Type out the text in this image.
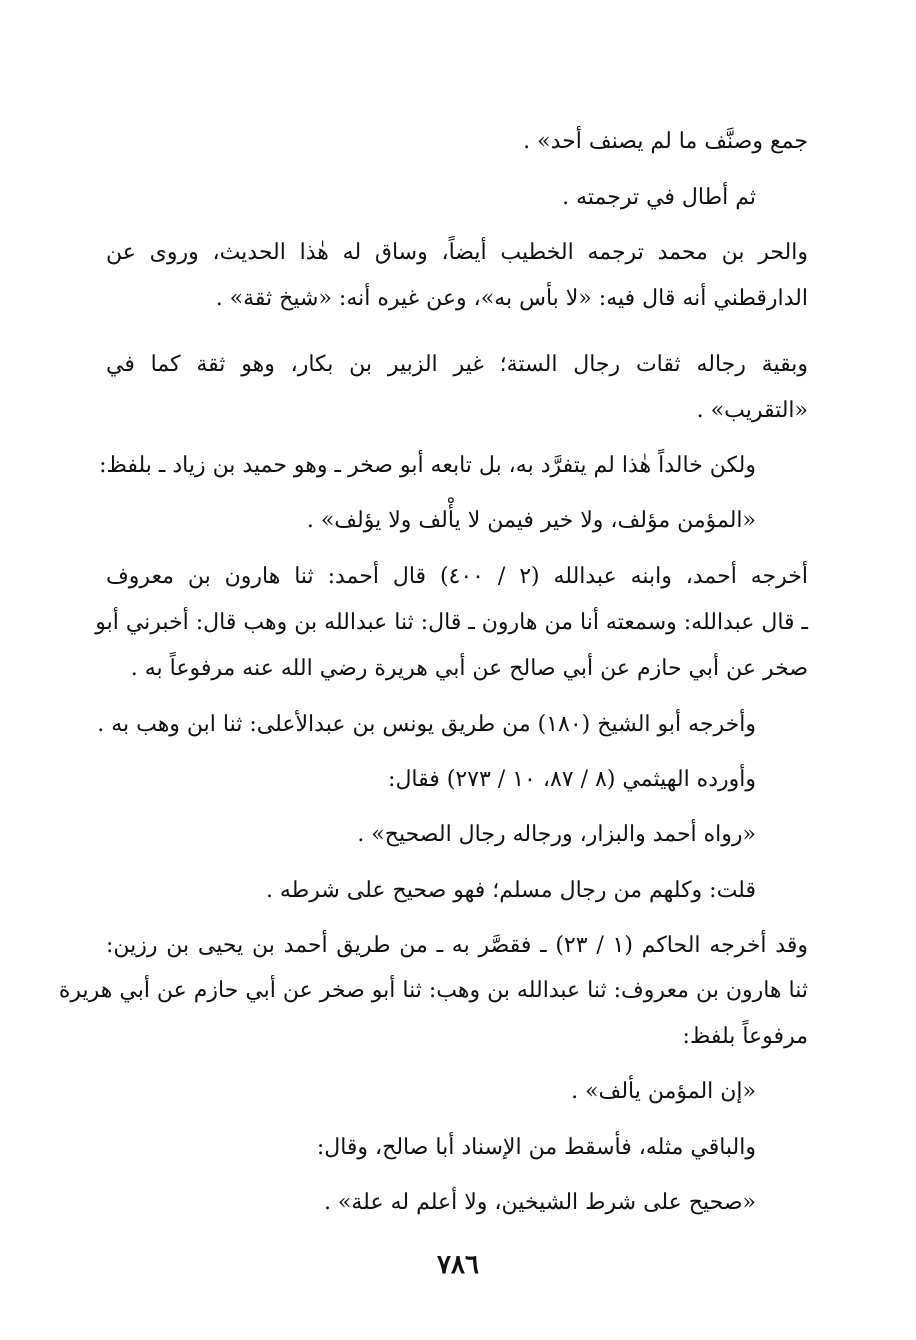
جمع وصنَّف ما لم يصنف أحد» .
ثم أطال في ترجمته .
والحر بن محمد ترجمه الخطيب أيضاً، وساق له هٰذا الحديث، وروى عن
الدارقطني أنه قال فيه: «لا بأس به»، وعن غيره أنه: «شيخ ثقة» .
وبقية رجاله ثقات رجال الستة؛ غير الزبير بن بكار، وهو ثقة كما في
«التقريب» .
ولكن خالداً هٰذا لم يتفرَّد به، بل تابعه أبو صخر ـ وهو حميد بن زياد ـ بلفظ:
«المؤمن مؤلف، ولا خير فيمن لا يأْلف ولا يؤلف» .
أخرجه أحمد، وابنه عبدالله (٢ / ٤٠٠) قال أحمد: ثنا هارون بن معروف
ـ قال عبدالله: وسمعته أنا من هارون ـ قال: ثنا عبدالله بن وهب قال: أخبرني أبو
صخر عن أبي حازم عن أبي صالح عن أبي هريرة رضي الله عنه مرفوعاً به .
وأخرجه أبو الشيخ (١٨٠) من طريق يونس بن عبدالأعلى: ثنا ابن وهب به .
وأورده الهيثمي (٨ / ٨٧، ١٠ / ٢٧٣) فقال:
«رواه أحمد والبزار، ورجاله رجال الصحيح» .
قلت: وكلهم من رجال مسلم؛ فهو صحيح على شرطه .
وقد أخرجه الحاكم (١ / ٢٣) ـ فقصَّر به ـ من طريق أحمد بن يحيى بن رزين:
ثنا هارون بن معروف: ثنا عبدالله بن وهب: ثنا أبو صخر عن أبي حازم عن أبي هريرة
مرفوعاً بلفظ:
«إن المؤمن يألف» .
والباقي مثله، فأسقط من الإسناد أبا صالح، وقال:
«صحيح على شرط الشيخين، ولا أعلم له علة» .
٧٨٦
